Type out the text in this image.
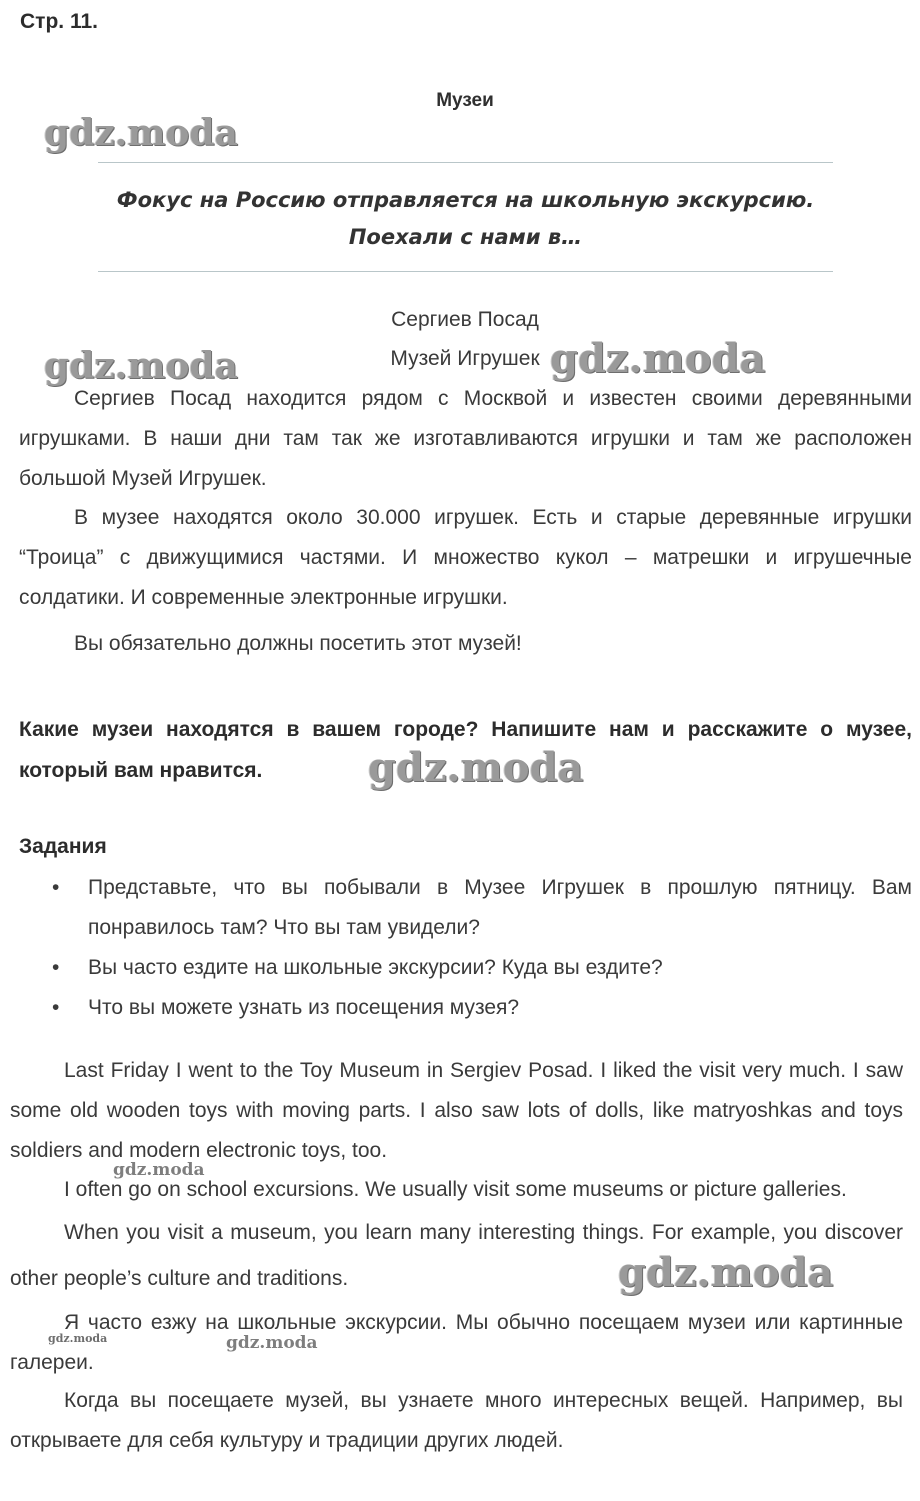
Стр. 11.
Музеи
Фокус на Россию отправляется на школьную экскурсию.
Поехали с нами в…
Сергиев Посад
Музей Игрушек
Сергиев Посад находится рядом с Москвой и известен своими деревянными игрушками. В наши дни там так же изготавливаются игрушки и там же расположен большой Музей Игрушек.
В музее находятся около 30.000 игрушек. Есть и старые деревянные игрушки “Троица” с движущимися частями. И множество кукол – матрешки и игрушечные солдатики. И современные электронные игрушки.
Вы обязательно должны посетить этот музей!
Какие музеи находятся в вашем городе? Напишите нам и расскажите о музее, который вам нравится.
Задания
• Представьте, что вы побывали в Музее Игрушек в прошлую пятницу. Вам понравилось там? Что вы там увидели?
• Вы часто ездите на школьные экскурсии? Куда вы ездите?
• Что вы можете узнать из посещения музея?
Last Friday I went to the Toy Museum in Sergiev Posad. I liked the visit very much. I saw some old wooden toys with moving parts. I also saw lots of dolls, like matryoshkas and toys soldiers and modern electronic toys, too.
I often go on school excursions. We usually visit some museums or picture galleries.
When you visit a museum, you learn many interesting things. For example, you discover other people’s culture and traditions.
Я часто езжу на школьные экскурсии. Мы обычно посещаем музеи или картинные галереи.
Когда вы посещаете музей, вы узнаете много интересных вещей. Например, вы открываете для себя культуру и традиции других людей.
gdz.moda
gdz.moda	gdz.moda
gdz.moda
gdz.moda
gdz.moda
gdz.moda	gdz.moda
